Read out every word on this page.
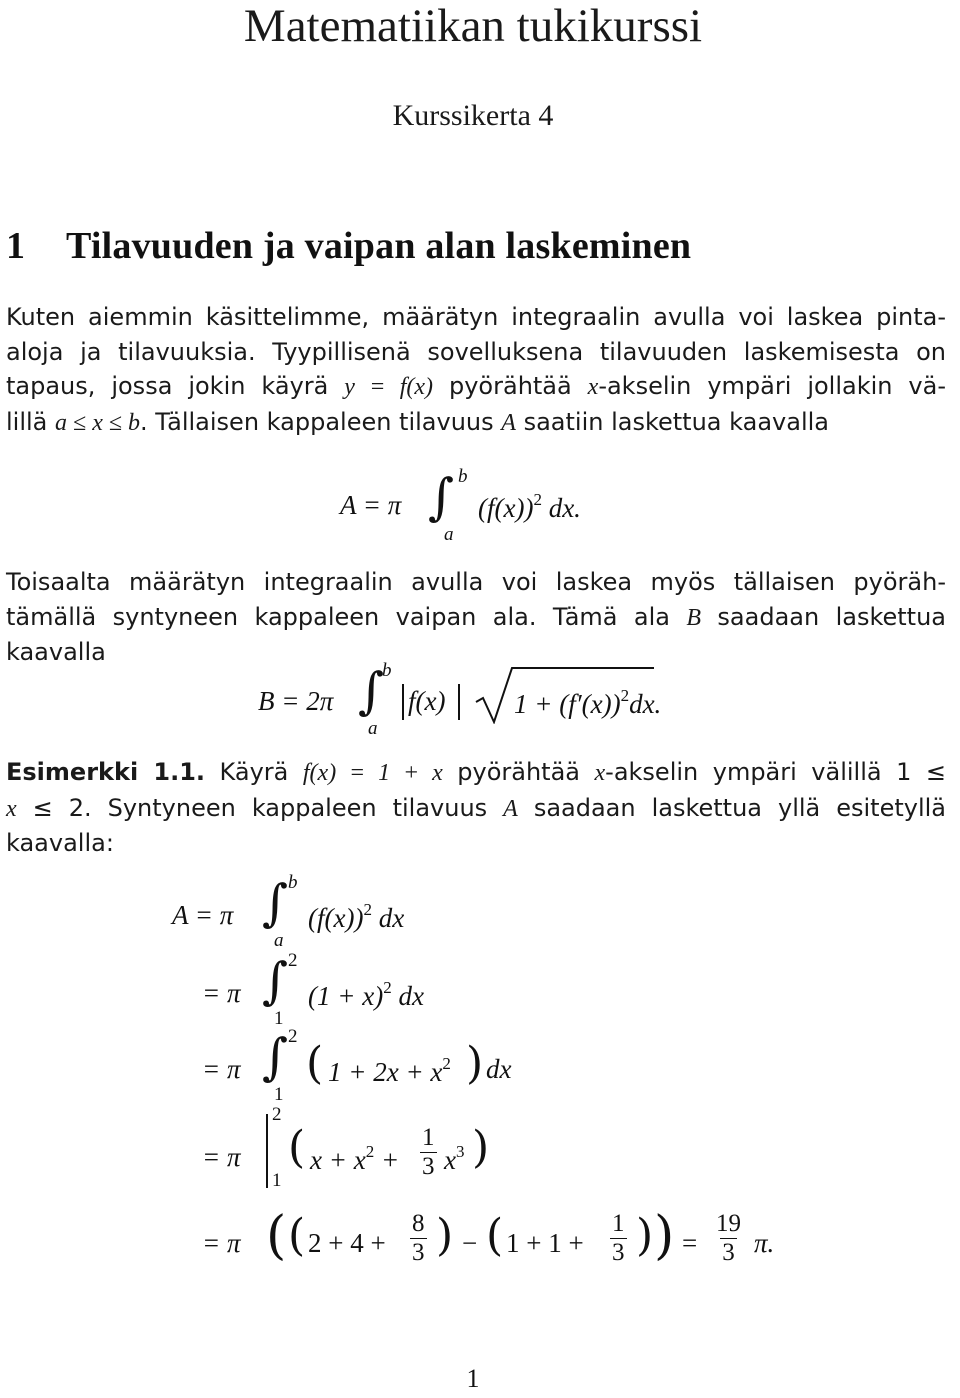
Matematiikan tukikurssi
Kurssikerta 4
1 Tilavuuden ja vaipan alan laskeminen
Kuten aiemmin käsittelimme, määrätyn integraalin avulla voi laskea pinta-
aloja ja tilavuuksia. Tyypillisenä sovelluksena tilavuuden laskemisesta on
tapaus, jossa jokin käyrä y = f(x) pyörähtää x-akselin ympäri jollakin vä-
lillä a ≤ x ≤ b. Tällaisen kappaleen tilavuus A saatiin laskettua kaavalla
A = π ∫ b
a
$(f(x))^2$ dx.
Toisaalta määrätyn integraalin avulla voi laskea myös tällaisen pyöräh-
tämällä syntyneen kappaleen vaipan ala. Tämä ala B saadaan laskettua
kaavalla
B = 2π ∫
b
a
f(x)	$1 + (f'(x))^2dx$.
Esimerkki 1.1. Käyrä f(x) = 1 + x pyörähtää x-akselin ympäri välillä 1 ≤
x ≤ 2. Syntyneen kappaleen tilavuus A saadaan laskettua yllä esitetyllä
kaavalla:
A = π ∫ b
a
$(f(x))^2$ dx
= π ∫ 2
1
$(1 + x)^2$ dx
= π ∫ 2
1
( $1 + 2x + x^2$ ) dx
= π
2
1
( $x + x^2 + \frac{1}{3} x^3$ )
= π ( ( $2 + 4 + \frac{8}{3}$ ) − ( $1 + 1 + \frac{1}{3}$ ) ) = $\frac{19}{3} \pi$.
1
